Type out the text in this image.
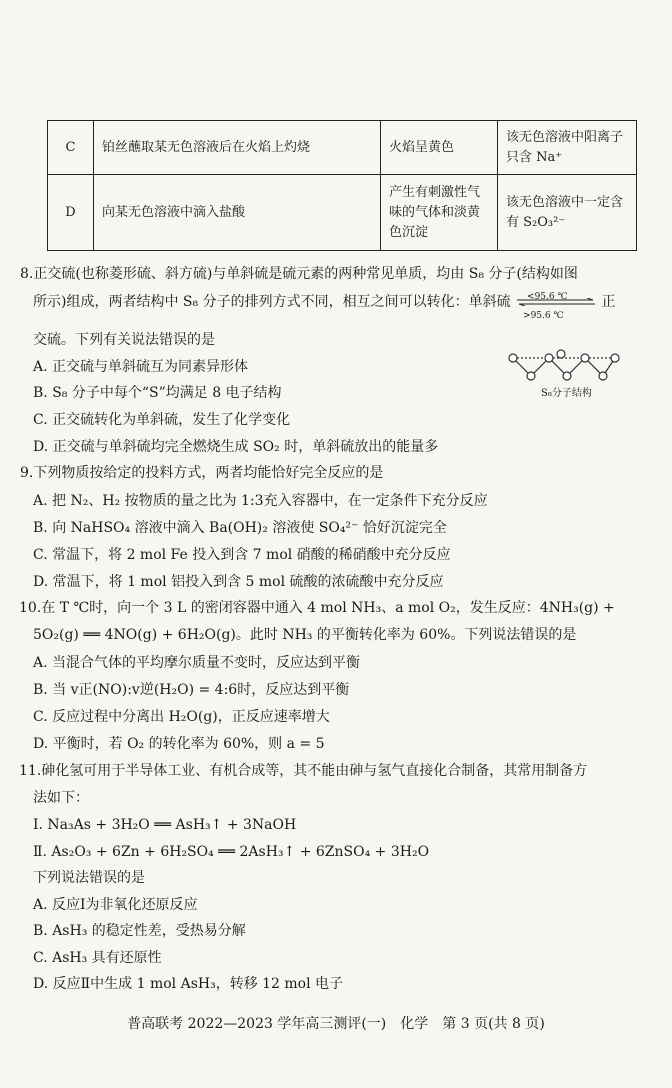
C	铂丝蘸取某无色溶液后在火焰上灼烧	火焰呈黄色	该无色溶液中阳离子只含 Na⁺
D	向某无色溶液中滴入盐酸	产生有刺激性气味的气体和淡黄色沉淀	该无色溶液中一定含有 S₂O₃²⁻
8.正交硫(也称菱形硫、斜方硫)与单斜硫是硫元素的两种常见单质，均由 S₈ 分子(结构如图
所示)组成，两者结构中 S₈ 分子的排列方式不同，相互之间可以转化：单斜硫 <95.6 ℃
>95.6 ℃
正
交硫。下列有关说法错误的是
A. 正交硫与单斜硫互为同素异形体
B. S₈ 分子中每个“S”均满足 8 电子结构
C. 正交硫转化为单斜硫，发生了化学变化
D. 正交硫与单斜硫均完全燃烧生成 SO₂ 时，单斜硫放出的能量多
S₈分子结构
9.下列物质按给定的投料方式，两者均能恰好完全反应的是
A. 把 N₂、H₂ 按物质的量之比为 1:3充入容器中，在一定条件下充分反应
B. 向 NaHSO₄ 溶液中滴入 Ba(OH)₂ 溶液使 SO₄²⁻ 恰好沉淀完全
C. 常温下，将 2 mol Fe 投入到含 7 mol 硝酸的稀硝酸中充分反应
D. 常温下，将 1 mol 铝投入到含 5 mol 硫酸的浓硫酸中充分反应
10.在 T ℃时，向一个 3 L 的密闭容器中通入 4 mol NH₃、a mol O₂，发生反应：4NH₃(g) +
5O₂(g) ══ 4NO(g) + 6H₂O(g)。此时 NH₃ 的平衡转化率为 60%。下列说法错误的是
A. 当混合气体的平均摩尔质量不变时，反应达到平衡
B. 当 v正(NO):v逆(H₂O) = 4:6时，反应达到平衡
C. 反应过程中分离出 H₂O(g)，正反应速率增大
D. 平衡时，若 O₂ 的转化率为 60%，则 a = 5
11.砷化氢可用于半导体工业、有机合成等，其不能由砷与氢气直接化合制备，其常用制备方
法如下：
Ⅰ. Na₃As + 3H₂O ══ AsH₃↑ + 3NaOH
Ⅱ. As₂O₃ + 6Zn + 6H₂SO₄ ══ 2AsH₃↑ + 6ZnSO₄ + 3H₂O
下列说法错误的是
A. 反应Ⅰ为非氧化还原反应
B. AsH₃ 的稳定性差，受热易分解
C. AsH₃ 具有还原性
D. 反应Ⅱ中生成 1 mol AsH₃，转移 12 mol 电子
普高联考 2022—2023 学年高三测评(一)　化学　第 3 页(共 8 页)
